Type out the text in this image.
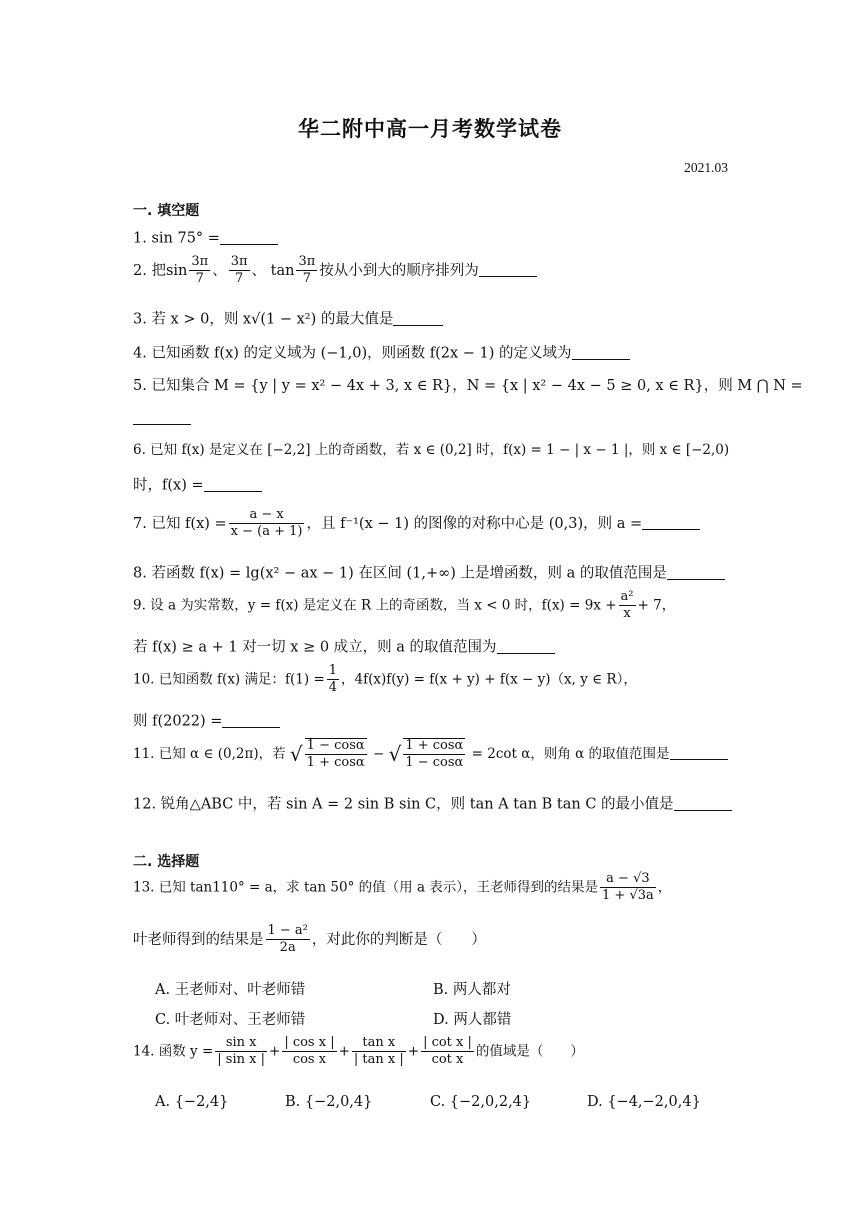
华二附中高一月考数学试卷
2021.03
一. 填空题
1. sin 75° =
2. 把$\sin \frac{3\pi}{7}$ 、 $\frac{3\pi}{7}$ 、 $\tan \frac{3\pi}{7}$ 按从小到大的顺序排列为
3. 若 x > 0，则 x√(1 − x²) 的最大值是
4. 已知函数 f(x) 的定义域为 (−1,0)，则函数 f(2x − 1) 的定义域为
5. 已知集合 M = {y | y = x² − 4x + 3, x ∈ R}，N = {x | x² − 4x − 5 ≥ 0, x ∈ R}，则 M ⋂ N =
6. 已知 f(x) 是定义在 [−2,2] 上的奇函数，若 x ∈ (0,2] 时，f(x) = 1 − | x − 1 |，则 x ∈ [−2,0)
时，f(x) =
7. 已知 $f(x) = \frac{a - x}{x - (a + 1)}$ ，且 f⁻¹(x − 1) 的图像的对称中心是 (0,3)，则 a =
8. 若函数 f(x) = lg(x² − ax − 1) 在区间 (1,+∞) 上是增函数，则 a 的取值范围是
9. 设 a 为实常数，y = f(x) 是定义在 R 上的奇函数，当 x < 0 时，$f(x) = 9x + \frac{\text{a²}}{x} + 7$，
若 f(x) ≥ a + 1 对一切 x ≥ 0 成立，则 a 的取值范围为
10. 已知函数 f(x) 满足：$f(1) = \frac{1}{4}$ ，4f(x)f(y) = f(x + y) + f(x − y)（x, y ∈ R），
则 f(2022) =
11. 已知 α ∈ (0,2π)，若 √ $\frac{1 - \cos\alpha}{1 + \cos\alpha}$ − √ $\frac{1 + \cos\alpha}{1 - \cos\alpha} = 2\cot$ α，则角 α 的取值范围是
12. 锐角△ABC 中，若 sin A = 2 sin B sin C，则 tan A tan B tan C 的最小值是
二. 选择题
13. 已知 tan110° = a，求 tan 50° 的值（用 a 表示），王老师得到的结果是 $\frac{a - √3}{1 + √3a}$ ，
叶老师得到的结果是 $\frac{\text{1 − a²}}{2a}$ ，对此你的判断是（　　）
A. 王老师对、叶老师错	B. 两人都对
C. 叶老师对、王老师错	D. 两人都错
14. 函数 $y = \frac{\text{sin x}}{\text{| sin x |}} + \frac{\text{| cos x |}}{\text{cos x}} + \frac{\text{tan x}}{\text{| tan x |}} + \frac{\text{| cot x |}}{\text{cot x}}$ 的值域是（　　）
A. {−2,4}	B. {−2,0,4}	C. {−2,0,2,4}	D. {−4,−2,0,4}
